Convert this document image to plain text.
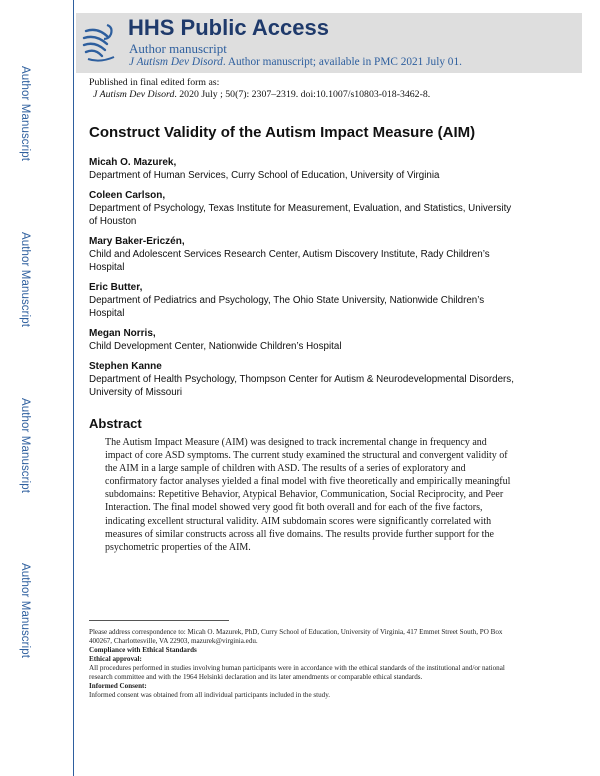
Author Manuscript
Author Manuscript
Author Manuscript
Author Manuscript
HHS Public Access
Author manuscript
J Autism Dev Disord. Author manuscript; available in PMC 2021 July 01.
Published in final edited form as:
J Autism Dev Disord. 2020 July ; 50(7): 2307–2319. doi:10.1007/s10803-018-3462-8.
Construct Validity of the Autism Impact Measure (AIM)
Micah O. Mazurek,
Department of Human Services, Curry School of Education, University of Virginia
Coleen Carlson,
Department of Psychology, Texas Institute for Measurement, Evaluation, and Statistics, University of Houston
Mary Baker-Ericzén,
Child and Adolescent Services Research Center, Autism Discovery Institute, Rady Children’s Hospital
Eric Butter,
Department of Pediatrics and Psychology, The Ohio State University, Nationwide Children’s Hospital
Megan Norris,
Child Development Center, Nationwide Children’s Hospital
Stephen Kanne
Department of Health Psychology, Thompson Center for Autism & Neurodevelopmental Disorders, University of Missouri
Abstract

The Autism Impact Measure (AIM) was designed to track incremental change in frequency and impact of core ASD symptoms. The current study examined the structural and convergent validity of the AIM in a large sample of children with ASD. The results of a series of exploratory and confirmatory factor analyses yielded a final model with five theoretically and empirically meaningful subdomains: Repetitive Behavior, Atypical Behavior, Communication, Social Reciprocity, and Peer Interaction. The final model showed very good fit both overall and for each of the five factors, indicating excellent structural validity. AIM subdomain scores were significantly correlated with measures of similar constructs across all five domains. The results provide further support for the psychometric properties of the AIM.

Please address correspondence to: Micah O. Mazurek, PhD, Curry School of Education, University of Virginia, 417 Emmet Street South, PO Box 400267, Charlottesville, VA 22903, mazurek@virginia.edu.

Compliance with Ethical Standards

Ethical approval:

All procedures performed in studies involving human participants were in accordance with the ethical standards of the institutional and/or national research committee and with the 1964 Helsinki declaration and its later amendments or comparable ethical standards.

Informed Consent:

Informed consent was obtained from all individual participants included in the study.
